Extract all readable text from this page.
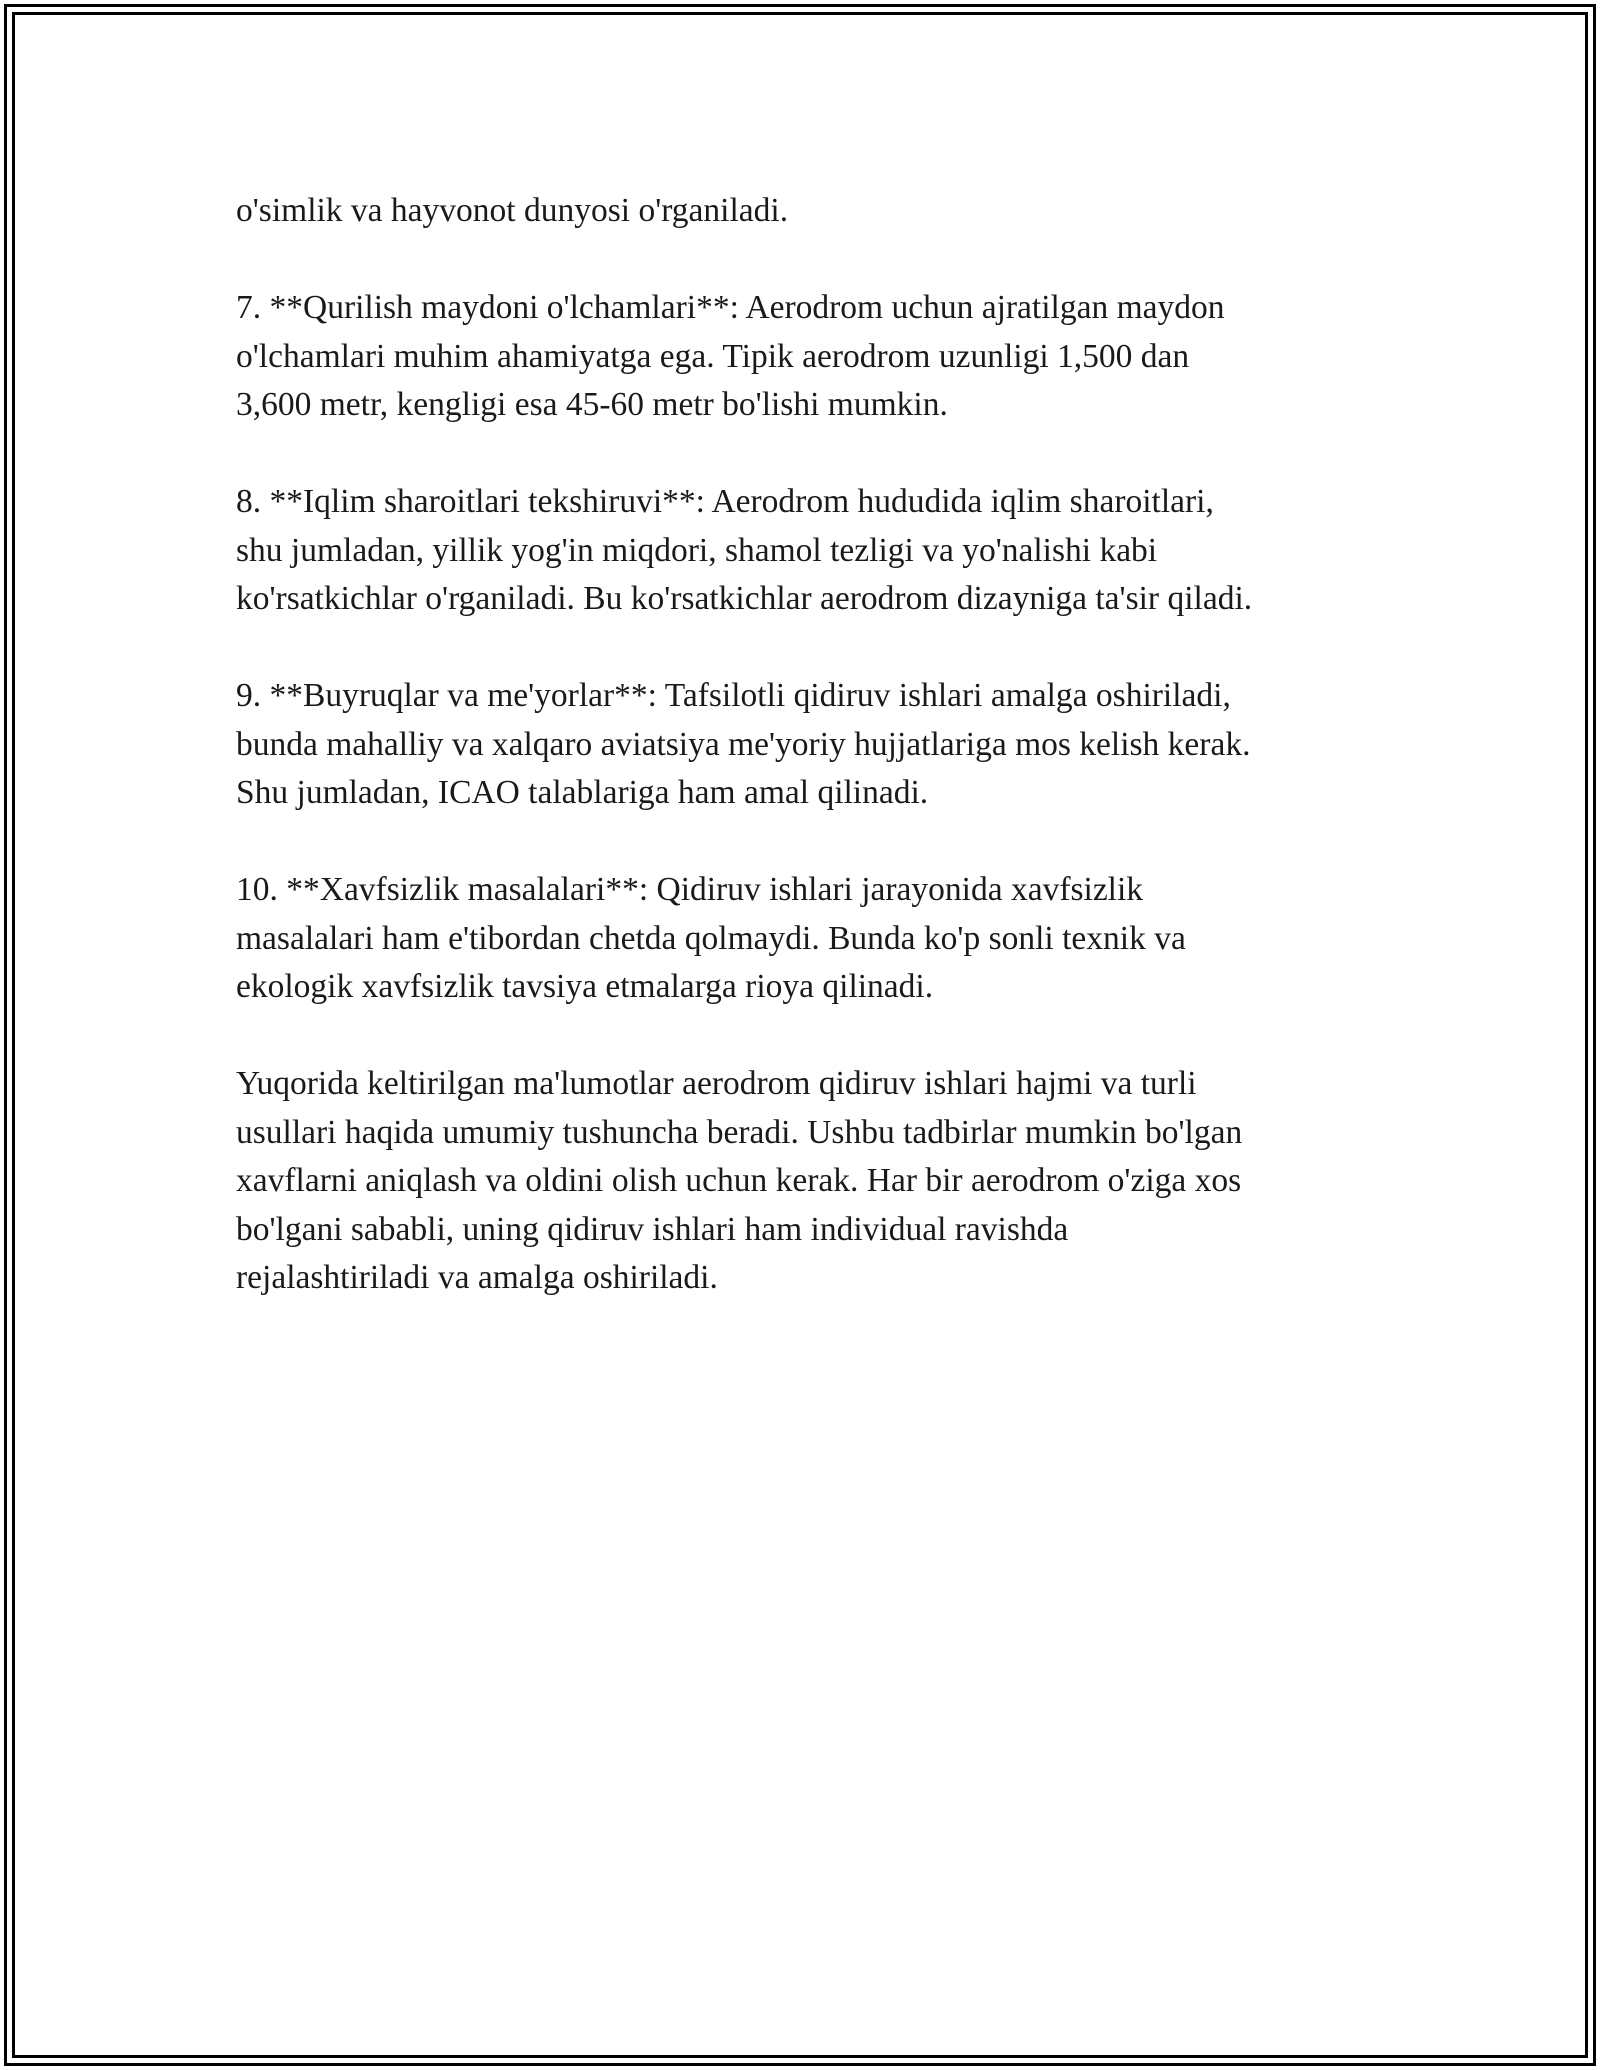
o'simlik va hayvonot dunyosi o'rganiladi.

7. **Qurilish maydoni o'lchamlari**: Aerodrom uchun ajratilgan maydon
o'lchamlari muhim ahamiyatga ega. Tipik aerodrom uzunligi 1,500 dan
3,600 metr, kengligi esa 45-60 metr bo'lishi mumkin.

8. **Iqlim sharoitlari tekshiruvi**: Aerodrom hududida iqlim sharoitlari,
shu jumladan, yillik yog'in miqdori, shamol tezligi va yo'nalishi kabi
ko'rsatkichlar o'rganiladi. Bu ko'rsatkichlar aerodrom dizayniga ta'sir qiladi.

9. **Buyruqlar va me'yorlar**: Tafsilotli qidiruv ishlari amalga oshiriladi,
bunda mahalliy va xalqaro aviatsiya me'yoriy hujjatlariga mos kelish kerak.
Shu jumladan, ICAO talablariga ham amal qilinadi.

10. **Xavfsizlik masalalari**: Qidiruv ishlari jarayonida xavfsizlik
masalalari ham e'tibordan chetda qolmaydi. Bunda ko'p sonli texnik va
ekologik xavfsizlik tavsiya etmalarga rioya qilinadi.

Yuqorida keltirilgan ma'lumotlar aerodrom qidiruv ishlari hajmi va turli
usullari haqida umumiy tushuncha beradi. Ushbu tadbirlar mumkin bo'lgan
xavflarni aniqlash va oldini olish uchun kerak. Har bir aerodrom o'ziga xos
bo'lgani sababli, uning qidiruv ishlari ham individual ravishda
rejalashtiriladi va amalga oshiriladi.
